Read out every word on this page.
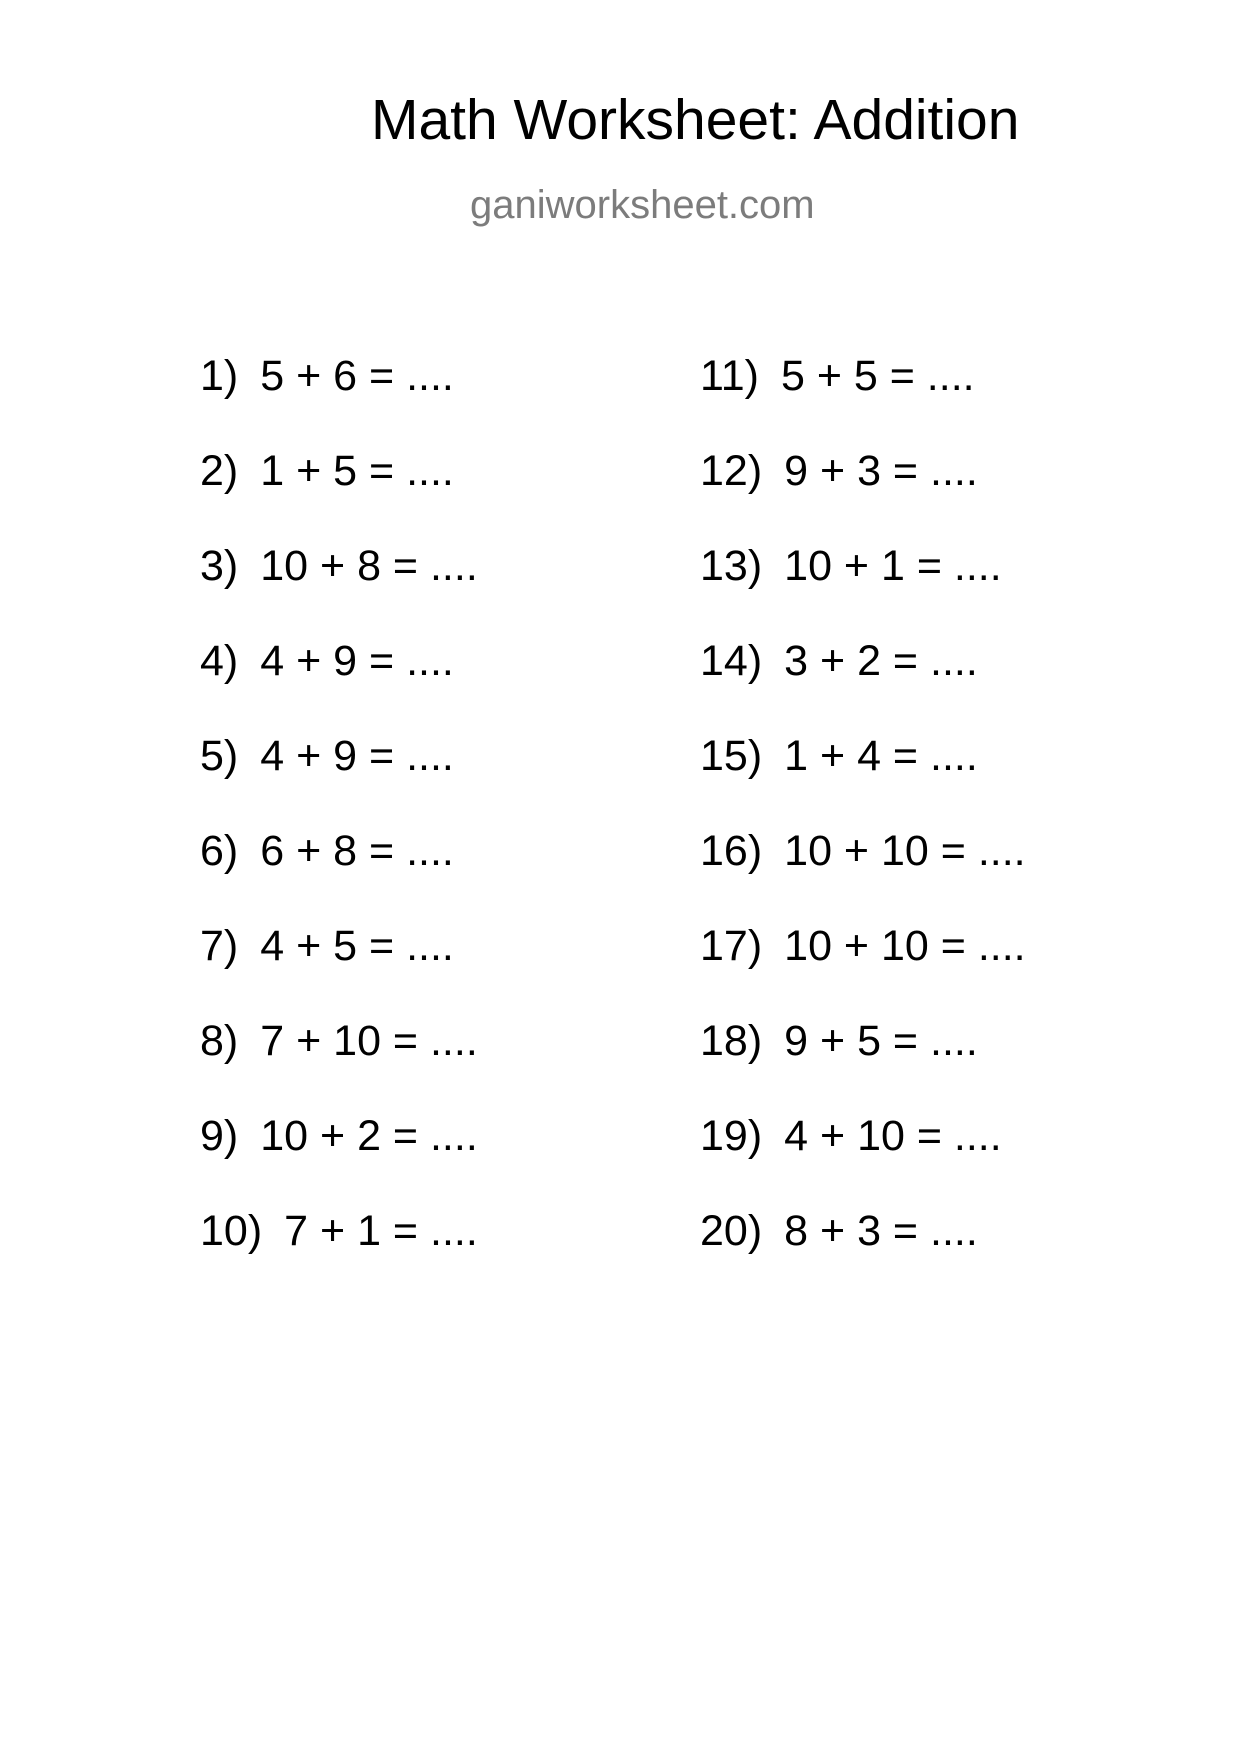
Math Worksheet: Addition
ganiworksheet.com
1) 5 + 6 = ....
2) 1 + 5 = ....
3) 10 + 8 = ....
4) 4 + 9 = ....
5) 4 + 9 = ....
6) 6 + 8 = ....
7) 4 + 5 = ....
8) 7 + 10 = ....
9) 10 + 2 = ....
10) 7 + 1 = ....
11) 5 + 5 = ....
12) 9 + 3 = ....
13) 10 + 1 = ....
14) 3 + 2 = ....
15) 1 + 4 = ....
16) 10 + 10 = ....
17) 10 + 10 = ....
18) 9 + 5 = ....
19) 4 + 10 = ....
20) 8 + 3 = ....
